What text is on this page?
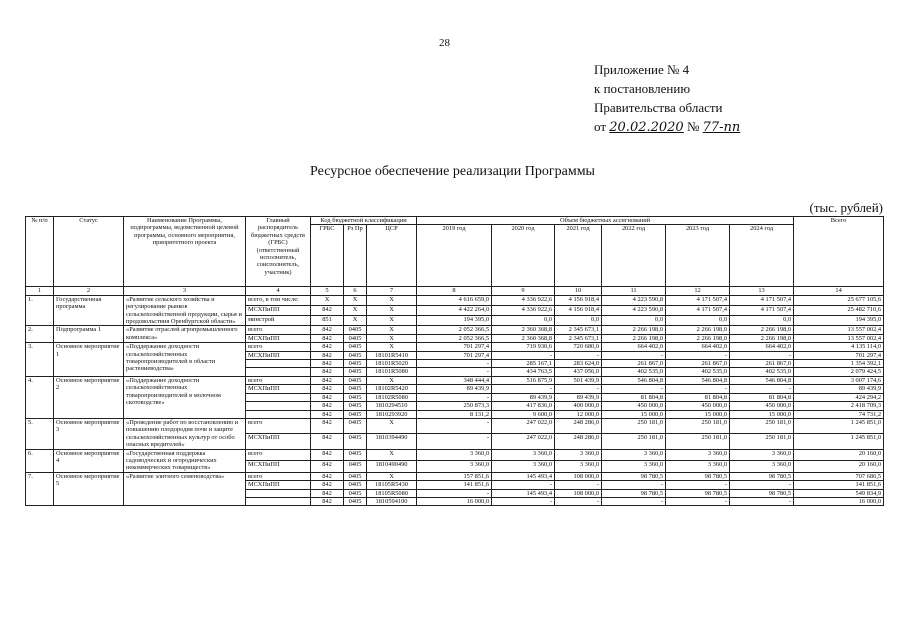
28
Приложение № 4
к постановлению
Правительства области
от 20.02.2020 № 77-пп
Ресурсное обеспечение реализации Программы
(тыс. рублей)
№ п/п	Статус	Наименование Программы, подпрограммы, ведомственной целевой программы, основного мероприятия, приоритетного проекта	Главный распорядитель бюджетных средств (ГРБС) (ответственный исполнитель, соисполнитель, участник)	Код бюджетной классификации			Объем бюджетных ассигнований						Всего
				ГРБС	Рз Пр	ЦСР	2019 год	2020 год	2021 год	2022 год	2023 год	2024 год	
1	2	3	4	5	6	7	8	9	10	11	12	13	14
1.	Государственная программа	«Развитие сельского хозяйства и регулирование рынков сельскохозяйственной продукции, сырья и продовольствия Оренбургской области»	всего, в том числе:	X	X	X	4 616 659,0	4 336 922,6	4 156 918,4	4 223 590,8	4 171 507,4	4 171 507,4	25 677 105,6
			МСХПиПП	842	X	X	4 422 264,0	4 336 922,6	4 156 918,4	4 223 590,8	4 171 507,4	4 171 507,4	25 482 710,6
			минстрой	851	X	X	194 395,0	0,0	0,0	0,0	0,0	0,0	194 395,0
2.	Подпрограмма 1	«Развитие отраслей агропромышленного комплекса»	всего	842	0405	X	2 052 366,5	2 360 368,8	2 345 673,1	2 266 198,0	2 266 198,0	2 266 198,0	13 557 002,4
			МСХПиПП	842	0405	X	2 052 366,5	2 360 368,8	2 345 673,1	2 266 198,0	2 266 198,0	2 266 198,0	13 557 002,4
3.	Основное мероприятие 1	«Поддержание доходности сельскохозяйственных товаропроизводителей в области растениеводства»	всего	842	0405	X	701 297,4	719 930,6	720 680,0	664 402,0	664 402,0	664 402,0	4 135 114,0
			МСХПиПП	842	0405	18101R5410	701 297,4	-	-	-	-	-	701 297,4
				842	0405	18101R5020	-	285 167,1	283 624,0	261 867,0	261 867,0	261 867,0	1 354 392,1
				842	0405	18101R5080	-	434 763,5	437 056,0	402 535,0	402 535,0	402 535,0	2 079 424,5
4.	Основное мероприятие 2	«Поддержание доходности сельскохозяйственных товаропроизводителей в молочном скотоводстве»	всего	842	0405	X	348 444,4	516 875,9	501 439,9	546 804,8	546 804,8	546 804,8	3 007 174,6
			МСХПиПП	842	0405	18102R5420	89 439,9	-	-	-	-	-	89 439,9
				842	0405	18102R5080	-	89 439,9	89 439,9	81 804,8	81 804,8	81 804,8	424 294,2
				842	0405	1810294510	250 873,3	417 836,0	400 000,0	450 000,0	450 000,0	450 000,0	2 418 709,3
				842	0405	1810293920	8 131,2	9 600,0	12 000,0	15 000,0	15 000,0	15 000,0	74 731,2
5.	Основное мероприятие 3	«Проведение работ по восстановлению и повышению плодородия почв и защите сельскохозяйственных культур от особо опасных вредителей»	всего	842	0405	X	-	247 022,0	248 286,0	250 181,0	250 181,0	250 181,0	1 245 851,0
			МСХПиПП	842	0405	1810394490	-	247 022,0	248 286,0	250 181,0	250 181,0	250 181,0	1 245 851,0
6.	Основное мероприятие 4	«Государственная поддержка садоводческих и огороднических некоммерческих товариществ»	всего	842	0405	X	3 360,0	3 360,0	3 360,0	3 360,0	3 360,0	3 360,0	20 160,0
			МСХПиПП	842	0405	1810490490	3 360,0	3 360,0	3 360,0	3 360,0	3 360,0	3 360,0	20 160,0
7.	Основное мероприятие 5	«Развитие элитного семеноводства»	всего	842	0405	X	157 851,6	145 493,4	108 000,0	98 780,5	98 780,5	98 780,5	707 686,5
			МСХПиПП	842	0405	18105R5430	141 851,6	-	-	-	-	-	141 851,6
				842	0405	18105R5080	-	145 493,4	108 000,0	98 780,5	98 780,5	98 780,5	549 834,9
				842	0405	1810594100	16 000,0	-	-	-	-	-	16 000,0
